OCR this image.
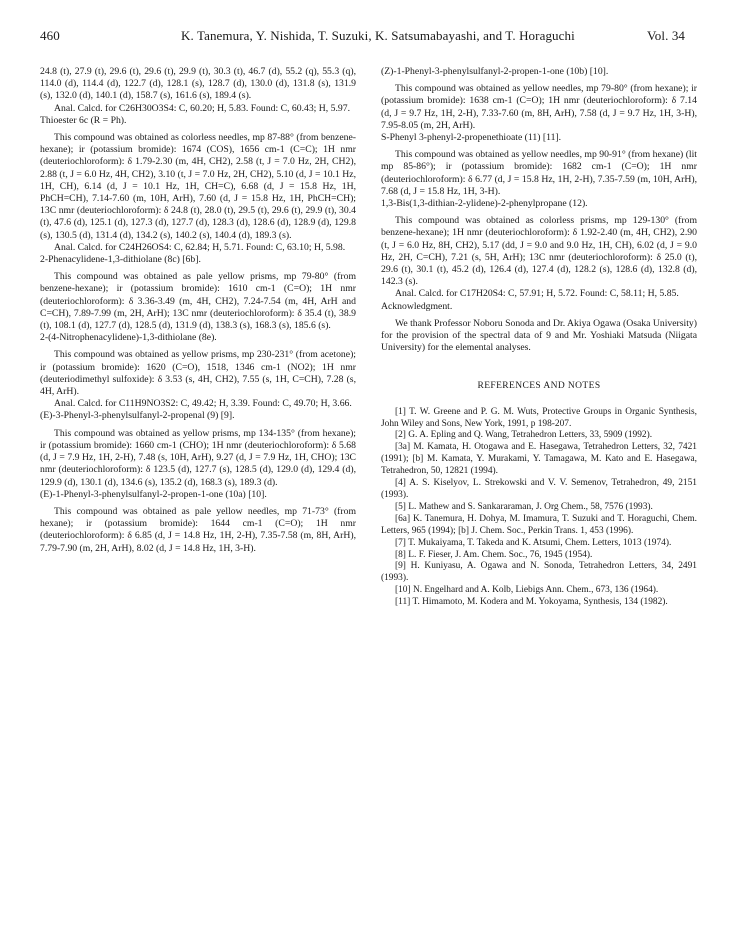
460	K. Tanemura, Y. Nishida, T. Suzuki, K. Satsumabayashi, and T. Horaguchi	Vol. 34

24.8 (t), 27.9 (t), 29.6 (t), 29.6 (t), 29.9 (t), 30.3 (t), 46.7 (d), 55.2 (q), 55.3 (q), 114.0 (d), 114.4 (d), 122.7 (d), 128.1 (s), 128.7 (d), 130.0 (d), 131.8 (s), 131.9 (s), 132.0 (d), 140.1 (d), 158.7 (s), 161.6 (s), 189.4 (s).

Anal. Calcd. for C26H30O3S4: C, 60.20; H, 5.83. Found: C, 60.43; H, 5.97.

Thioester 6c (R = Ph).

This compound was obtained as colorless needles, mp 87-88° (from benzene-hexane); ir (potassium bromide): 1674 (COS), 1656 cm-1 (C=C); 1H nmr (deuteriochloroform): δ 1.79-2.30 (m, 4H, CH2), 2.58 (t, J = 7.0 Hz, 2H, CH2), 2.88 (t, J = 6.0 Hz, 4H, CH2), 3.10 (t, J = 7.0 Hz, 2H, CH2), 5.10 (d, J = 10.1 Hz, 1H, CH), 6.14 (d, J = 10.1 Hz, 1H, CH=C), 6.68 (d, J = 15.8 Hz, 1H, PhCH=CH), 7.14-7.60 (m, 10H, ArH), 7.60 (d, J = 15.8 Hz, 1H, PhCH=CH); 13C nmr (deuteriochloroform): δ 24.8 (t), 28.0 (t), 29.5 (t), 29.6 (t), 29.9 (t), 30.4 (t), 47.6 (d), 125.1 (d), 127.3 (d), 127.7 (d), 128.3 (d), 128.6 (d), 128.9 (d), 129.8 (s), 130.5 (d), 131.4 (d), 134.2 (s), 140.2 (s), 140.4 (d), 189.3 (s).

Anal. Calcd. for C24H26OS4: C, 62.84; H, 5.71. Found: C, 63.10; H, 5.98.

2-Phenacylidene-1,3-dithiolane (8c) [6b].

This compound was obtained as pale yellow prisms, mp 79-80° (from benzene-hexane); ir (potassium bromide): 1610 cm-1 (C=O); 1H nmr (deuteriochloroform): δ 3.36-3.49 (m, 4H, CH2), 7.24-7.54 (m, 4H, ArH and C=CH), 7.89-7.99 (m, 2H, ArH); 13C nmr (deuteriochloroform): δ 35.4 (t), 38.9 (t), 108.1 (d), 127.7 (d), 128.5 (d), 131.9 (d), 138.3 (s), 168.3 (s), 185.6 (s).

2-(4-Nitrophenacylidene)-1,3-dithiolane (8e).

This compound was obtained as yellow prisms, mp 230-231° (from acetone); ir (potassium bromide): 1620 (C=O), 1518, 1346 cm-1 (NO2); 1H nmr (deuteriodimethyl sulfoxide): δ 3.53 (s, 4H, CH2), 7.55 (s, 1H, C=CH), 7.28 (s, 4H, ArH).

Anal. Calcd. for C11H9NO3S2: C, 49.42; H, 3.39. Found: C, 49.70; H, 3.66.

(E)-3-Phenyl-3-phenylsulfanyl-2-propenal (9) [9].

This compound was obtained as yellow prisms, mp 134-135° (from hexane); ir (potassium bromide): 1660 cm-1 (CHO); 1H nmr (deuteriochloroform): δ 5.68 (d, J = 7.9 Hz, 1H, 2-H), 7.48 (s, 10H, ArH), 9.27 (d, J = 7.9 Hz, 1H, CHO); 13C nmr (deuteriochloroform): δ 123.5 (d), 127.7 (s), 128.5 (d), 129.0 (d), 129.4 (d), 129.9 (d), 130.1 (d), 134.6 (s), 135.2 (d), 168.3 (s), 189.3 (d).

(E)-1-Phenyl-3-phenylsulfanyl-2-propen-1-one (10a) [10].

This compound was obtained as pale yellow needles, mp 71-73° (from hexane); ir (potassium bromide): 1644 cm-1 (C=O); 1H nmr (deuteriochloroform): δ 6.85 (d, J = 14.8 Hz, 1H, 2-H), 7.35-7.58 (m, 8H, ArH), 7.79-7.90 (m, 2H, ArH), 8.02 (d, J = 14.8 Hz, 1H, 3-H).

(Z)-1-Phenyl-3-phenylsulfanyl-2-propen-1-one (10b) [10].

This compound was obtained as yellow needles, mp 79-80° (from hexane); ir (potassium bromide): 1638 cm-1 (C=O); 1H nmr (deuteriochloroform): δ 7.14 (d, J = 9.7 Hz, 1H, 2-H), 7.33-7.60 (m, 8H, ArH), 7.58 (d, J = 9.7 Hz, 1H, 3-H), 7.95-8.05 (m, 2H, ArH).

S-Phenyl 3-phenyl-2-propenethioate (11) [11].

This compound was obtained as yellow needles, mp 90-91° (from hexane) (lit mp 85-86°); ir (potassium bromide): 1682 cm-1 (C=O); 1H nmr (deuteriochloroform): δ 6.77 (d, J = 15.8 Hz, 1H, 2-H), 7.35-7.59 (m, 10H, ArH), 7.68 (d, J = 15.8 Hz, 1H, 3-H).

1,3-Bis(1,3-dithian-2-ylidene)-2-phenylpropane (12).

This compound was obtained as colorless prisms, mp 129-130° (from benzene-hexane); 1H nmr (deuteriochloroform): δ 1.92-2.40 (m, 4H, CH2), 2.90 (t, J = 6.0 Hz, 8H, CH2), 5.17 (dd, J = 9.0 and 9.0 Hz, 1H, CH), 6.02 (d, J = 9.0 Hz, 2H, C=CH), 7.21 (s, 5H, ArH); 13C nmr (deuteriochloroform): δ 25.0 (t), 29.6 (t), 30.1 (t), 45.2 (d), 126.4 (d), 127.4 (d), 128.2 (s), 128.6 (d), 132.8 (d), 142.3 (s).

Anal. Calcd. for C17H20S4: C, 57.91; H, 5.72. Found: C, 58.11; H, 5.85.

Acknowledgment.

We thank Professor Noboru Sonoda and Dr. Akiya Ogawa (Osaka University) for the provision of the spectral data of 9 and Mr. Yoshiaki Matsuda (Niigata University) for the elemental analyses.

REFERENCES AND NOTES

[1] T. W. Greene and P. G. M. Wuts, Protective Groups in Organic Synthesis, John Wiley and Sons, New York, 1991, p 198-207.

[2] G. A. Epling and Q. Wang, Tetrahedron Letters, 33, 5909 (1992).

[3a] M. Kamata, H. Otogawa and E. Hasegawa, Tetrahedron Letters, 32, 7421 (1991); [b] M. Kamata, Y. Murakami, Y. Tamagawa, M. Kato and E. Hasegawa, Tetrahedron, 50, 12821 (1994).

[4] A. S. Kiselyov, L. Strekowski and V. V. Semenov, Tetrahedron, 49, 2151 (1993).

[5] L. Mathew and S. Sankararaman, J. Org Chem., 58, 7576 (1993).

[6a] K. Tanemura, H. Dohya, M. Imamura, T. Suzuki and T. Horaguchi, Chem. Letters, 965 (1994); [b] J. Chem. Soc., Perkin Trans. 1, 453 (1996).

[7] T. Mukaiyama, T. Takeda and K. Atsumi, Chem. Letters, 1013 (1974).

[8] L. F. Fieser, J. Am. Chem. Soc., 76, 1945 (1954).

[9] H. Kuniyasu, A. Ogawa and N. Sonoda, Tetrahedron Letters, 34, 2491 (1993).

[10] N. Engelhard and A. Kolb, Liebigs Ann. Chem., 673, 136 (1964).

[11] T. Himamoto, M. Kodera and M. Yokoyama, Synthesis, 134 (1982).
